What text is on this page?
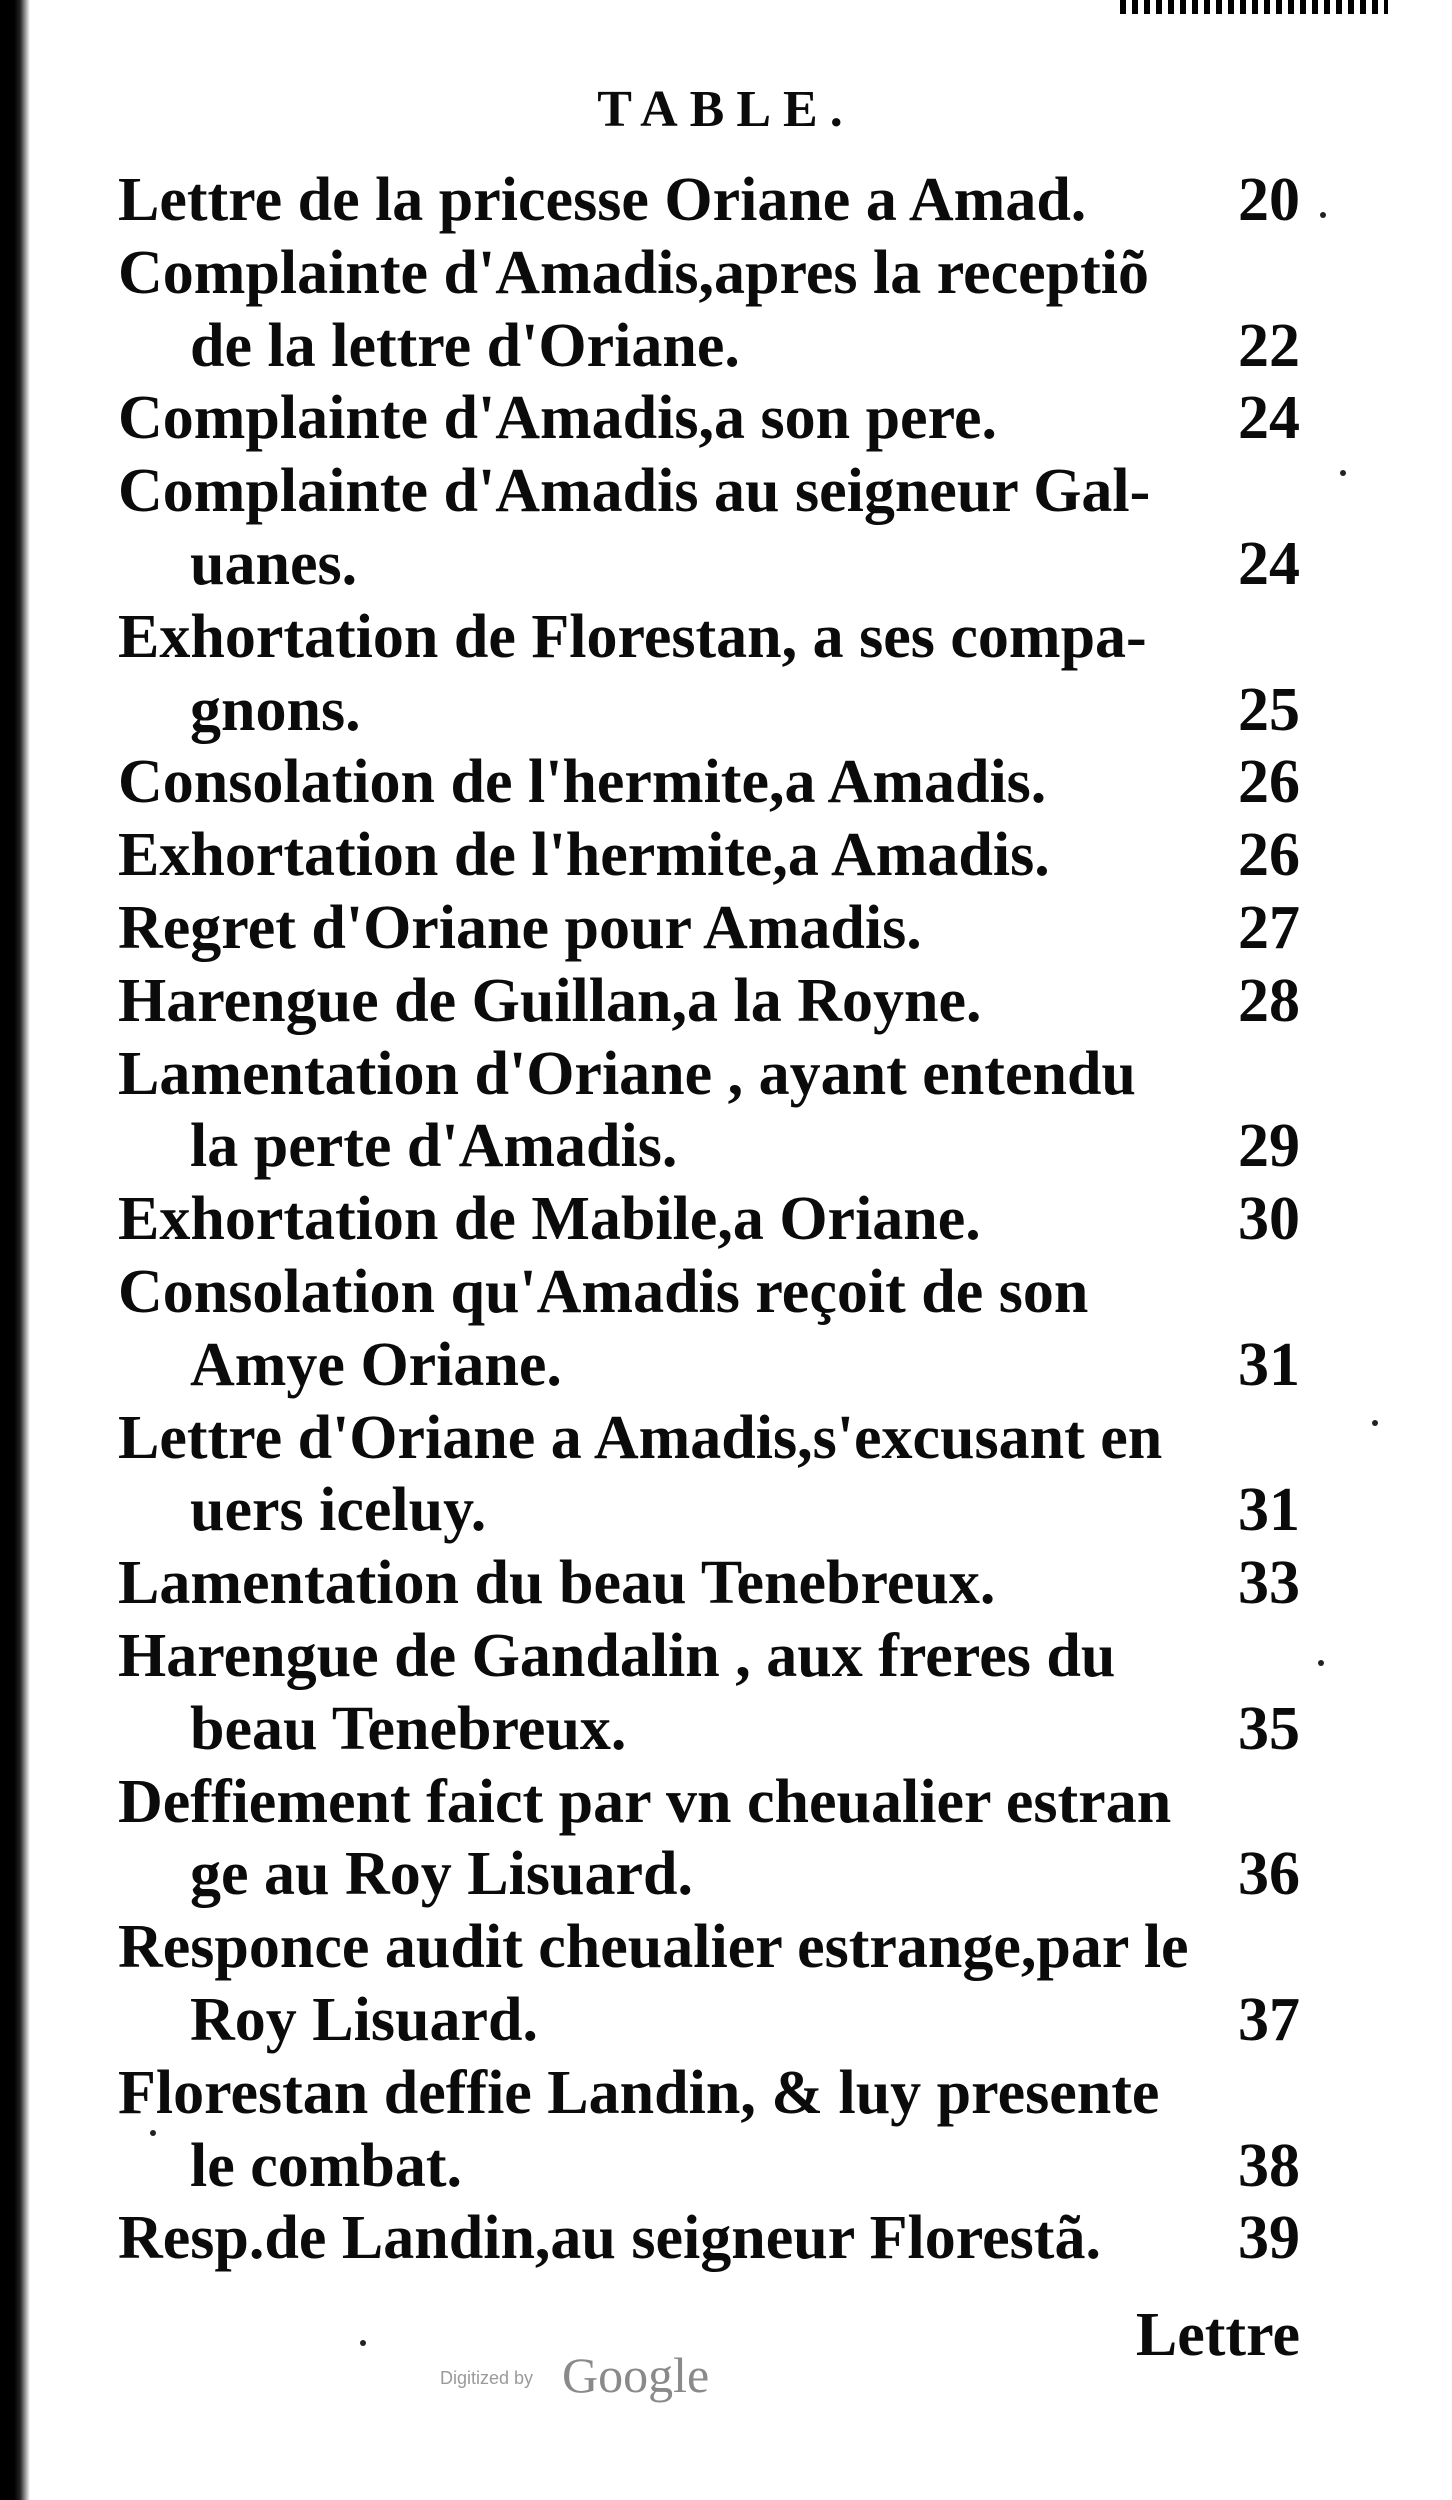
TABLE.
Lettre de la pricesse Oriane a Amad. 20
Complainte d'Amadis,apres la receptiõ
de la lettre d'Oriane.	22
Complainte d'Amadis,a son pere.	24
Complainte d'Amadis au seigneur Gal-
uanes.	24
Exhortation de Florestan, a ses compa-
gnons.	25
Consolation de l'hermite,a Amadis.	26
Exhortation de l'hermite,a Amadis.	26
Regret d'Oriane pour Amadis.	27
Harengue de Guillan,a la Royne.	28
Lamentation d'Oriane , ayant entendu
la perte d'Amadis.	29
Exhortation de Mabile,a Oriane.	30
Consolation qu'Amadis reçoit de son
Amye Oriane.	31
Lettre d'Oriane a Amadis,s'excusant en
uers iceluy.	31
Lamentation du beau Tenebreux.	33
Harengue de Gandalin , aux freres du
beau Tenebreux.	35
Deffiement faict par vn cheualier estran
ge au Roy Lisuard.	36
Responce audit cheualier estrange,par le
Roy Lisuard.	37
Florestan deffie Landin, & luy presente
le combat.	38
Resp.de Landin,au seigneur Florestã. 39
Lettre
Digitized by Google
